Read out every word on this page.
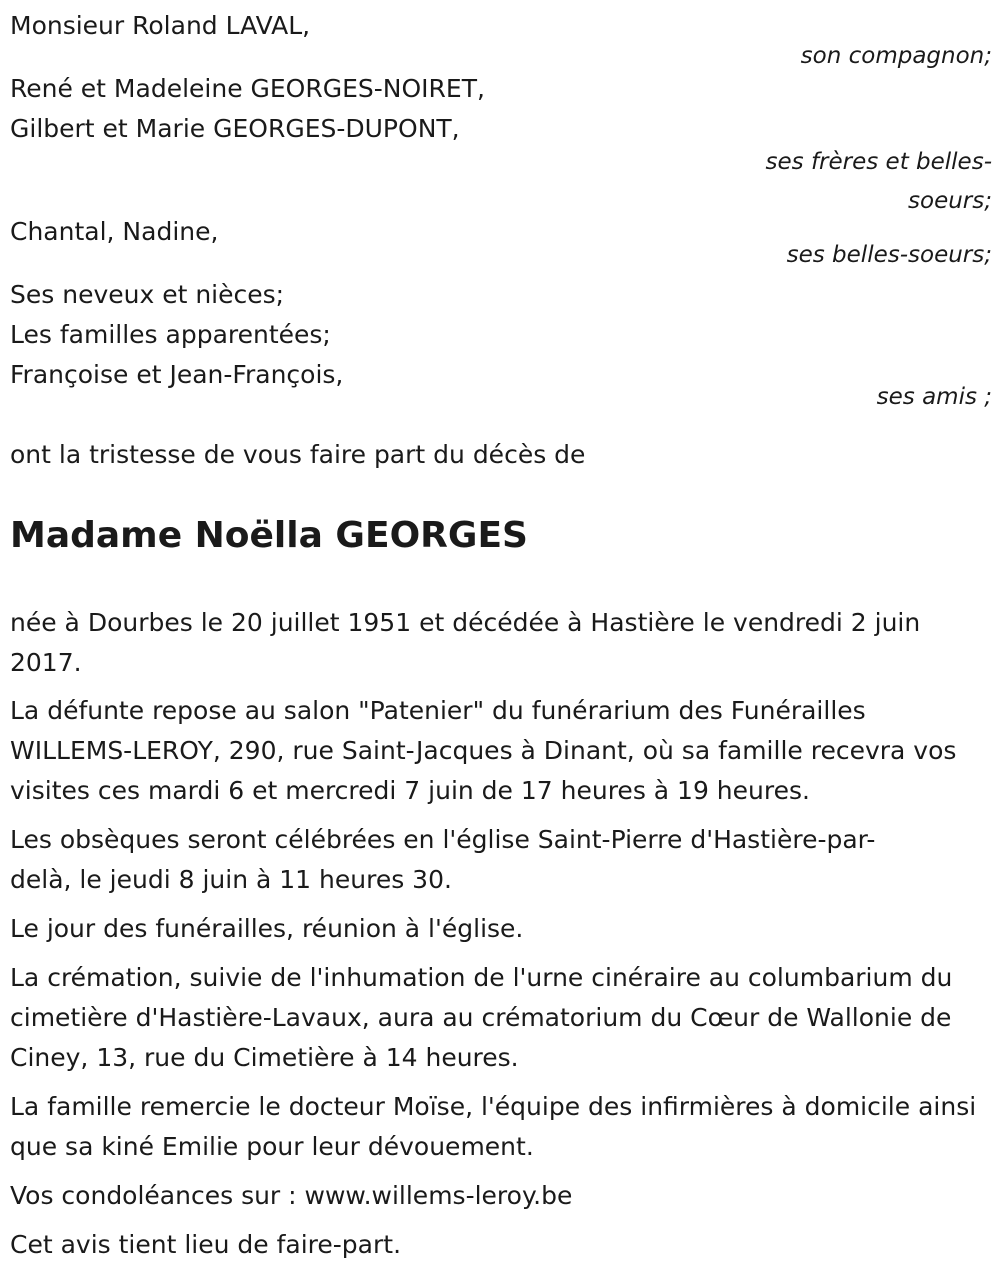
Monsieur Roland LAVAL,

son compagnon;

René et Madeleine GEORGES-NOIRET,

Gilbert et Marie GEORGES-DUPONT,

ses frères et belles-

soeurs;

Chantal, Nadine,

ses belles-soeurs;

Ses neveux et nièces;

Les familles apparentées;

Françoise et Jean-François,

ses amis ;

ont la tristesse de vous faire part du décès de

Madame Noëlla GEORGES

née à Dourbes le 20 juillet 1951 et décédée à Hastière le vendredi 2 juin 2017.

La défunte repose au salon "Patenier" du funérarium des Funérailles WILLEMS-LEROY, 290, rue Saint-Jacques à Dinant, où sa famille recevra vos visites ces mardi 6 et mercredi 7 juin de 17 heures à 19 heures.

Les obsèques seront célébrées en l'église Saint-Pierre d'Hastière-par-delà, le jeudi 8 juin à 11 heures 30.

Le jour des funérailles, réunion à l'église.

La crémation, suivie de l'inhumation de l'urne cinéraire au columbarium du cimetière d'Hastière-Lavaux, aura au crématorium du Cœur de Wallonie de Ciney, 13, rue du Cimetière à 14 heures.

La famille remercie le docteur Moïse, l'équipe des infirmières à domicile ainsi que sa kiné Emilie pour leur dévouement.

Vos condoléances sur : www.willems-leroy.be

Cet avis tient lieu de faire-part.
